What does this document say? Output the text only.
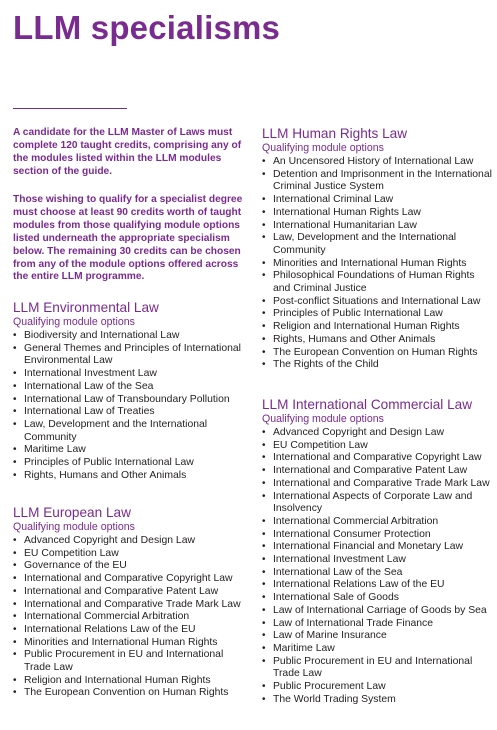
LLM specialisms

A candidate for the LLM Master of Laws must complete 120 taught credits, comprising any of the modules listed within the LLM modules section of the guide.

Those wishing to qualify for a specialist degree must choose at least 90 credits worth of taught modules from those qualifying module options listed underneath the appropriate specialism below. The remaining 30 credits can be chosen from any of the module options offered across the entire LLM programme.

LLM Environmental Law

Qualifying module options

• Biodiversity and International Law
• General Themes and Principles of International Environmental Law
• International Investment Law
• International Law of the Sea
• International Law of Transboundary Pollution
• International Law of Treaties
• Law, Development and the International Community
• Maritime Law
• Principles of Public International Law
• Rights, Humans and Other Animals
LLM European Law

Qualifying module options

• Advanced Copyright and Design Law
• EU Competition Law
• Governance of the EU
• International and Comparative Copyright Law
• International and Comparative Patent Law
• International and Comparative Trade Mark Law
• International Commercial Arbitration
• International Relations Law of the EU
• Minorities and International Human Rights
• Public Procurement in EU and International Trade Law
• Religion and International Human Rights
• The European Convention on Human Rights
LLM Human Rights Law

Qualifying module options

• An Uncensored History of International Law
• Detention and Imprisonment in the International Criminal Justice System
• International Criminal Law
• International Human Rights Law
• International Humanitarian Law
• Law, Development and the International Community
• Minorities and International Human Rights
• Philosophical Foundations of Human Rights and Criminal Justice
• Post-conflict Situations and International Law
• Principles of Public International Law
• Religion and International Human Rights
• Rights, Humans and Other Animals
• The European Convention on Human Rights
• The Rights of the Child
LLM International Commercial Law

Qualifying module options

• Advanced Copyright and Design Law
• EU Competition Law
• International and Comparative Copyright Law
• International and Comparative Patent Law
• International and Comparative Trade Mark Law
• International Aspects of Corporate Law and Insolvency
• International Commercial Arbitration
• International Consumer Protection
• International Financial and Monetary Law
• International Investment Law
• International Law of the Sea
• International Relations Law of the EU
• International Sale of Goods
• Law of International Carriage of Goods by Sea
• Law of International Trade Finance
• Law of Marine Insurance
• Maritime Law
• Public Procurement in EU and International Trade Law
• Public Procurement Law
• The World Trading System
